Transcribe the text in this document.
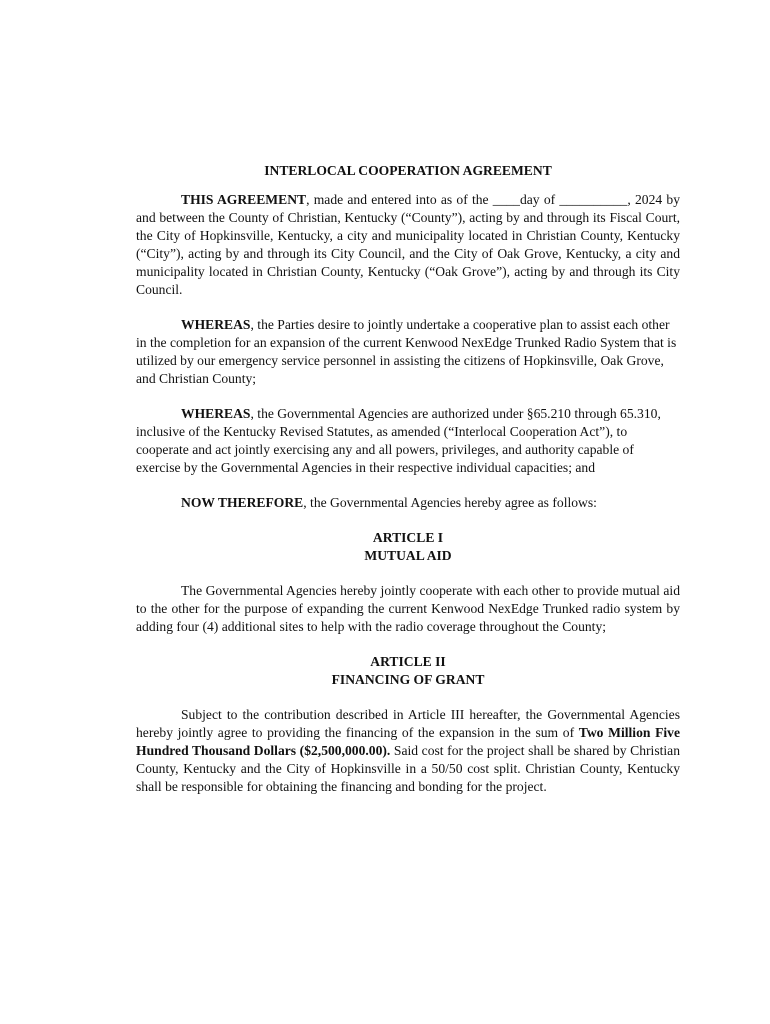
INTERLOCAL COOPERATION AGREEMENT

THIS AGREEMENT, made and entered into as of the ____day of __________, 2024 by and between the County of Christian, Kentucky (“County”), acting by and through its Fiscal Court, the City of Hopkinsville, Kentucky, a city and municipality located in Christian County, Kentucky (“City”), acting by and through its City Council, and the City of Oak Grove, Kentucky, a city and municipality located in Christian County, Kentucky (“Oak Grove”), acting by and through its City Council.

WHEREAS, the Parties desire to jointly undertake a cooperative plan to assist each other in the completion for an expansion of the current Kenwood NexEdge Trunked Radio System that is utilized by our emergency service personnel in assisting the citizens of Hopkinsville, Oak Grove, and Christian County;

WHEREAS, the Governmental Agencies are authorized under §65.210 through 65.310, inclusive of the Kentucky Revised Statutes, as amended (“Interlocal Cooperation Act”), to cooperate and act jointly exercising any and all powers, privileges, and authority capable of exercise by the Governmental Agencies in their respective individual capacities; and

NOW THEREFORE, the Governmental Agencies hereby agree as follows:

ARTICLE I
MUTUAL AID

The Governmental Agencies hereby jointly cooperate with each other to provide mutual aid to the other for the purpose of expanding the current Kenwood NexEdge Trunked radio system by adding four (4) additional sites to help with the radio coverage throughout the County;

ARTICLE II
FINANCING OF GRANT

Subject to the contribution described in Article III hereafter, the Governmental Agencies hereby jointly agree to providing the financing of the expansion in the sum of Two Million Five Hundred Thousand Dollars ($2,500,000.00). Said cost for the project shall be shared by Christian County, Kentucky and the City of Hopkinsville in a 50/50 cost split. Christian County, Kentucky shall be responsible for obtaining the financing and bonding for the project.
